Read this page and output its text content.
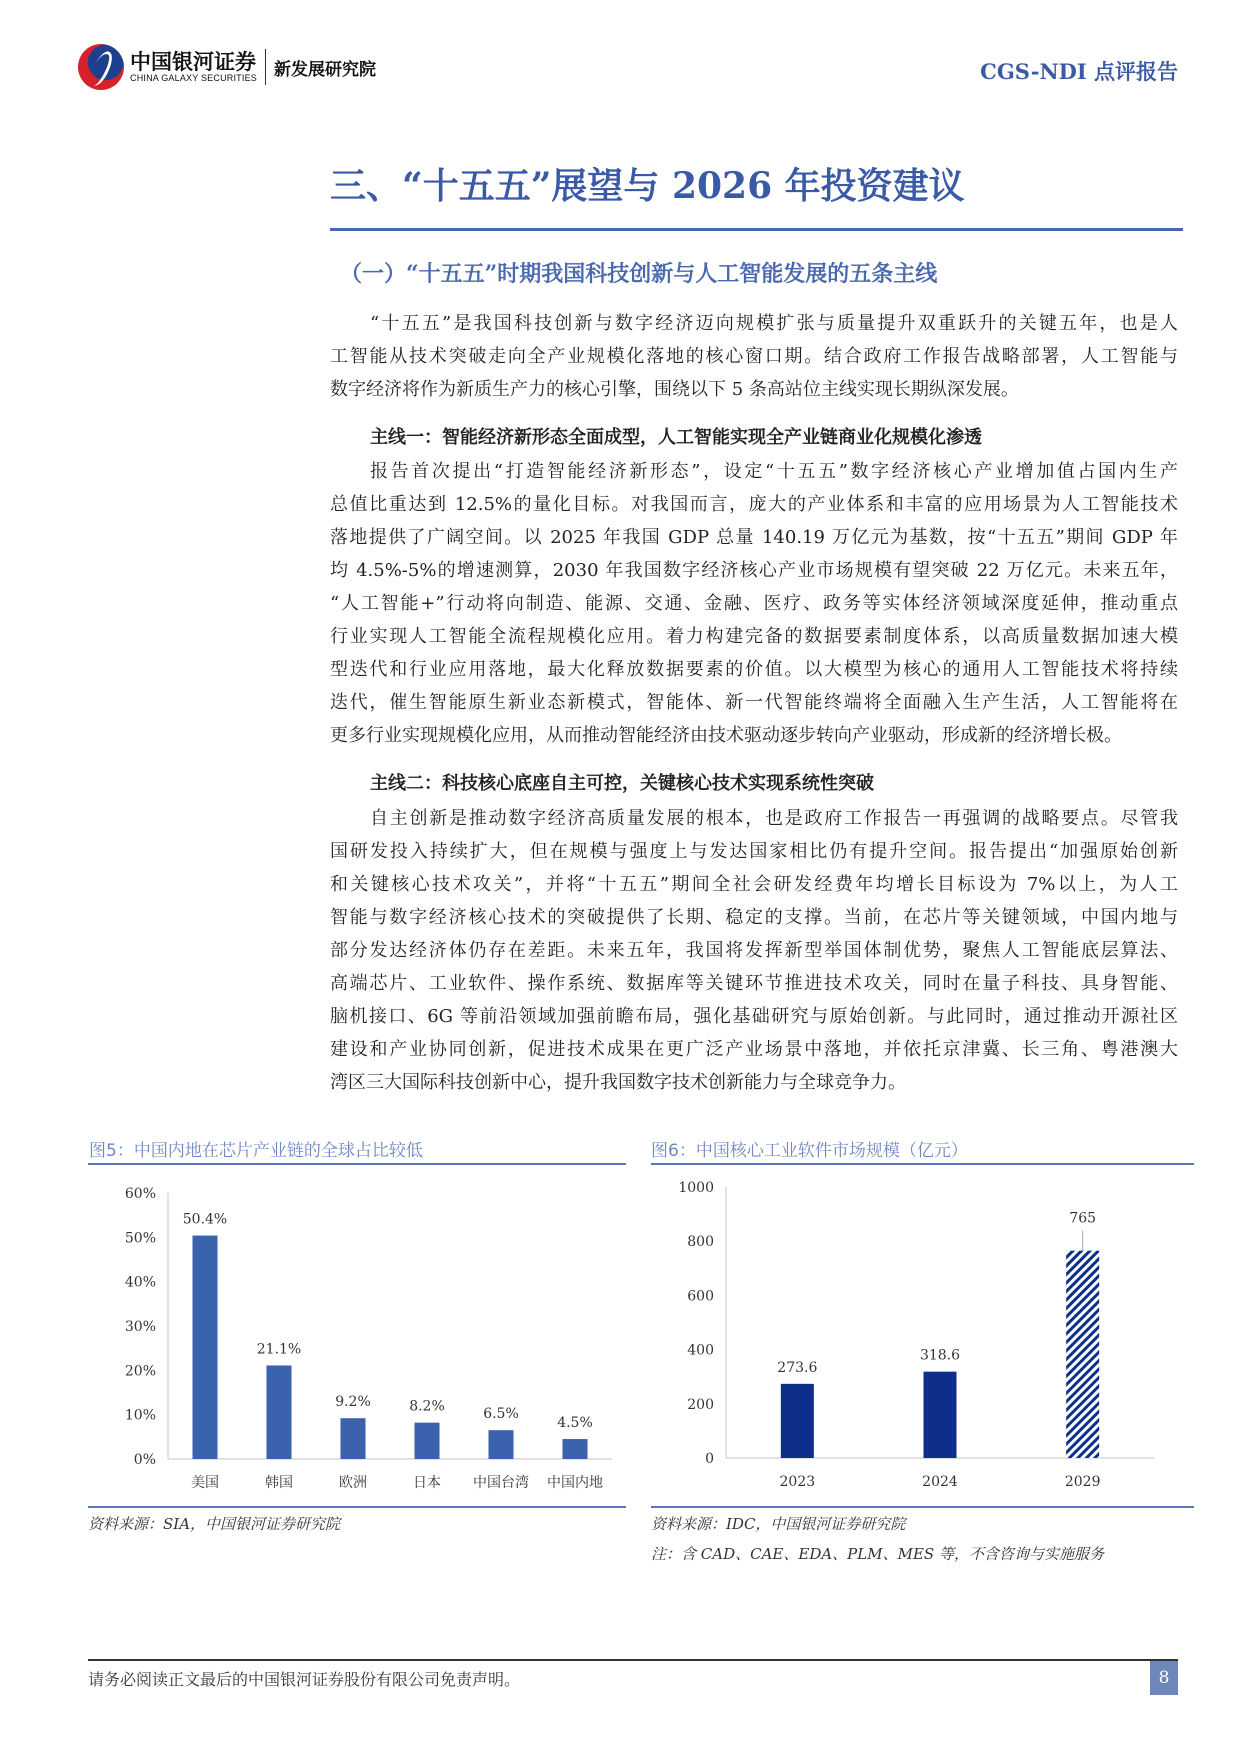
中国银河证券
CHINA GALAXY SECURITIES 新发展研究院	CGS-NDI 点评报告
三、“十五五”展望与 2026 年投资建议
（一）“十五五”时期我国科技创新与人工智能发展的五条主线
“十五五”是我国科技创新与数字经济迈向规模扩张与质量提升双重跃升的关键五年，也是人
工智能从技术突破走向全产业规模化落地的核心窗口期。结合政府工作报告战略部署，人工智能与
数字经济将作为新质生产力的核心引擎，围绕以下 5 条高站位主线实现长期纵深发展。
主线一：智能经济新形态全面成型，人工智能实现全产业链商业化规模化渗透
报告首次提出“打造智能经济新形态”，设定“十五五”数字经济核心产业增加值占国内生产
总值比重达到 12.5%的量化目标。对我国而言，庞大的产业体系和丰富的应用场景为人工智能技术
落地提供了广阔空间。以 2025 年我国 GDP 总量 140.19 万亿元为基数，按“十五五”期间 GDP 年
均 4.5%-5%的增速测算，2030 年我国数字经济核心产业市场规模有望突破 22 万亿元。未来五年，
“人工智能+”行动将向制造、能源、交通、金融、医疗、政务等实体经济领域深度延伸，推动重点
行业实现人工智能全流程规模化应用。着力构建完备的数据要素制度体系，以高质量数据加速大模
型迭代和行业应用落地，最大化释放数据要素的价值。以大模型为核心的通用人工智能技术将持续
迭代，催生智能原生新业态新模式，智能体、新一代智能终端将全面融入生产生活，人工智能将在
更多行业实现规模化应用，从而推动智能经济由技术驱动逐步转向产业驱动，形成新的经济增长极。
主线二：科技核心底座自主可控，关键核心技术实现系统性突破
自主创新是推动数字经济高质量发展的根本，也是政府工作报告一再强调的战略要点。尽管我
国研发投入持续扩大，但在规模与强度上与发达国家相比仍有提升空间。报告提出“加强原始创新
和关键核心技术攻关”，并将“十五五”期间全社会研发经费年均增长目标设为 7%以上，为人工
智能与数字经济核心技术的突破提供了长期、稳定的支撑。当前，在芯片等关键领域，中国内地与
部分发达经济体仍存在差距。未来五年，我国将发挥新型举国体制优势，聚焦人工智能底层算法、
高端芯片、工业软件、操作系统、数据库等关键环节推进技术攻关，同时在量子科技、具身智能、
脑机接口、6G 等前沿领域加强前瞻布局，强化基础研究与原始创新。与此同时，通过推动开源社区
建设和产业协同创新，促进技术成果在更广泛产业场景中落地，并依托京津冀、长三角、粤港澳大
湾区三大国际科技创新中心，提升我国数字技术创新能力与全球竞争力。
图5：中国内地在芯片产业链的全球占比较低
0%
10%
20%
30%
40%
50%
60%
50.4%
美国
21.1%
韩国
9.2%
欧洲
8.2%
日本
6.5%
中国台湾
4.5%
中国内地
资料来源：SIA，中国银河证券研究院
图6：中国核心工业软件市场规模（亿元）
0
200
400
600
800
1000
273.6
2023
318.6
2024
765
2029
资料来源：IDC，中国银河证券研究院
注：含 CAD、CAE、EDA、PLM、MES 等，不含咨询与实施服务
请务必阅读正文最后的中国银河证券股份有限公司免责声明。	8
